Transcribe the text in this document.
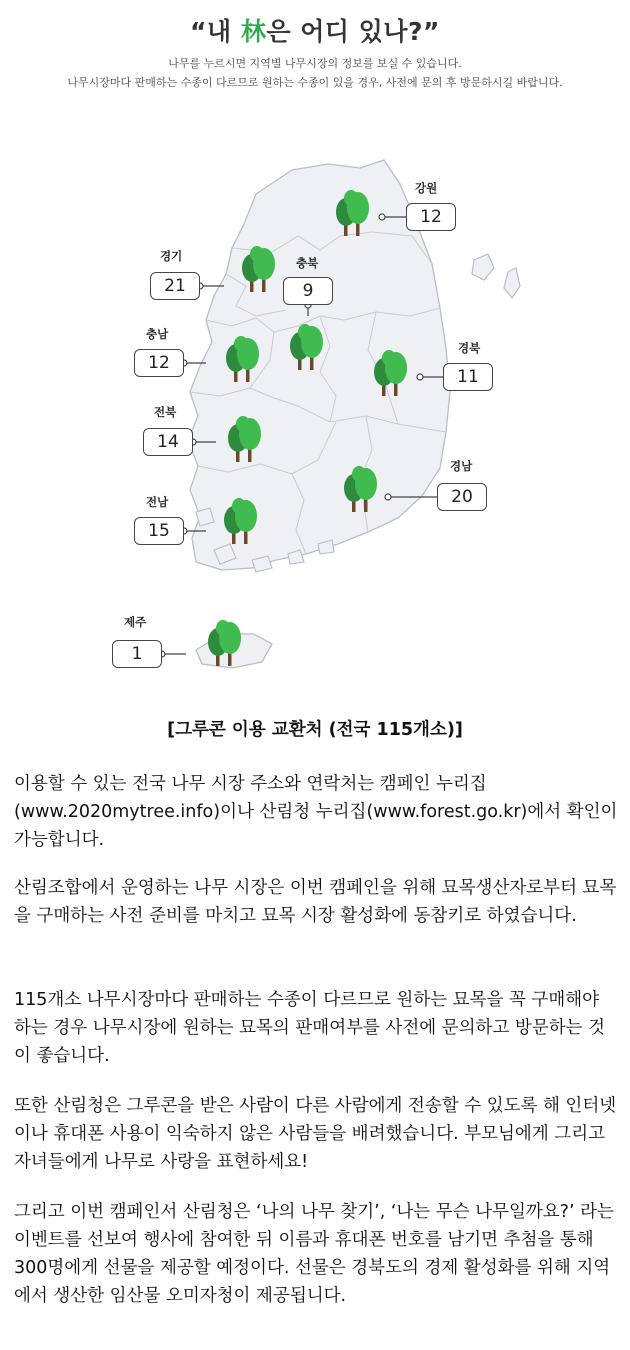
“내 林은 어디 있나?”
나무를 누르시면 지역별 나무시장의 정보를 보실 수 있습니다.
나무시장마다 판매하는 수종이 다르므로 원하는 수종이 있을 경우, 사전에 문의 후 방문하시길 바랍니다.
강원
12
경기
21
충북
9
충남
12
경북
11
전북
14
경남
20
전남
15
제주
1
[그루콘 이용 교환처 (전국 115개소)]

이용할 수 있는 전국 나무 시장 주소와 연락처는 캠페인 누리집(www.2020mytree.info)이나 산림청 누리집(www.forest.go.kr)에서 확인이 가능합니다.

산림조합에서 운영하는 나무 시장은 이번 캠페인을 위해 묘목생산자로부터 묘목을 구매하는 사전 준비를 마치고 묘목 시장 활성화에 동참키로 하였습니다.

115개소 나무시장마다 판매하는 수종이 다르므로 원하는 묘목을 꼭 구매해야 하는 경우 나무시장에 원하는 묘목의 판매여부를 사전에 문의하고 방문하는 것이 좋습니다.

또한 산림청은 그루콘을 받은 사람이 다른 사람에게 전송할 수 있도록 해 인터넷이나 휴대폰 사용이 익숙하지 않은 사람들을 배려했습니다. 부모님에게 그리고 자녀들에게 나무로 사랑을 표현하세요!

그리고 이번 캠페인서 산림청은 ‘나의 나무 찾기’, ‘나는 무슨 나무일까요?’ 라는 이벤트를 선보여 행사에 참여한 뒤 이름과 휴대폰 번호를 남기면 추첨을 통해 300명에게 선물을 제공할 예정이다. 선물은 경북도의 경제 활성화를 위해 지역에서 생산한 임산물 오미자청이 제공됩니다.
